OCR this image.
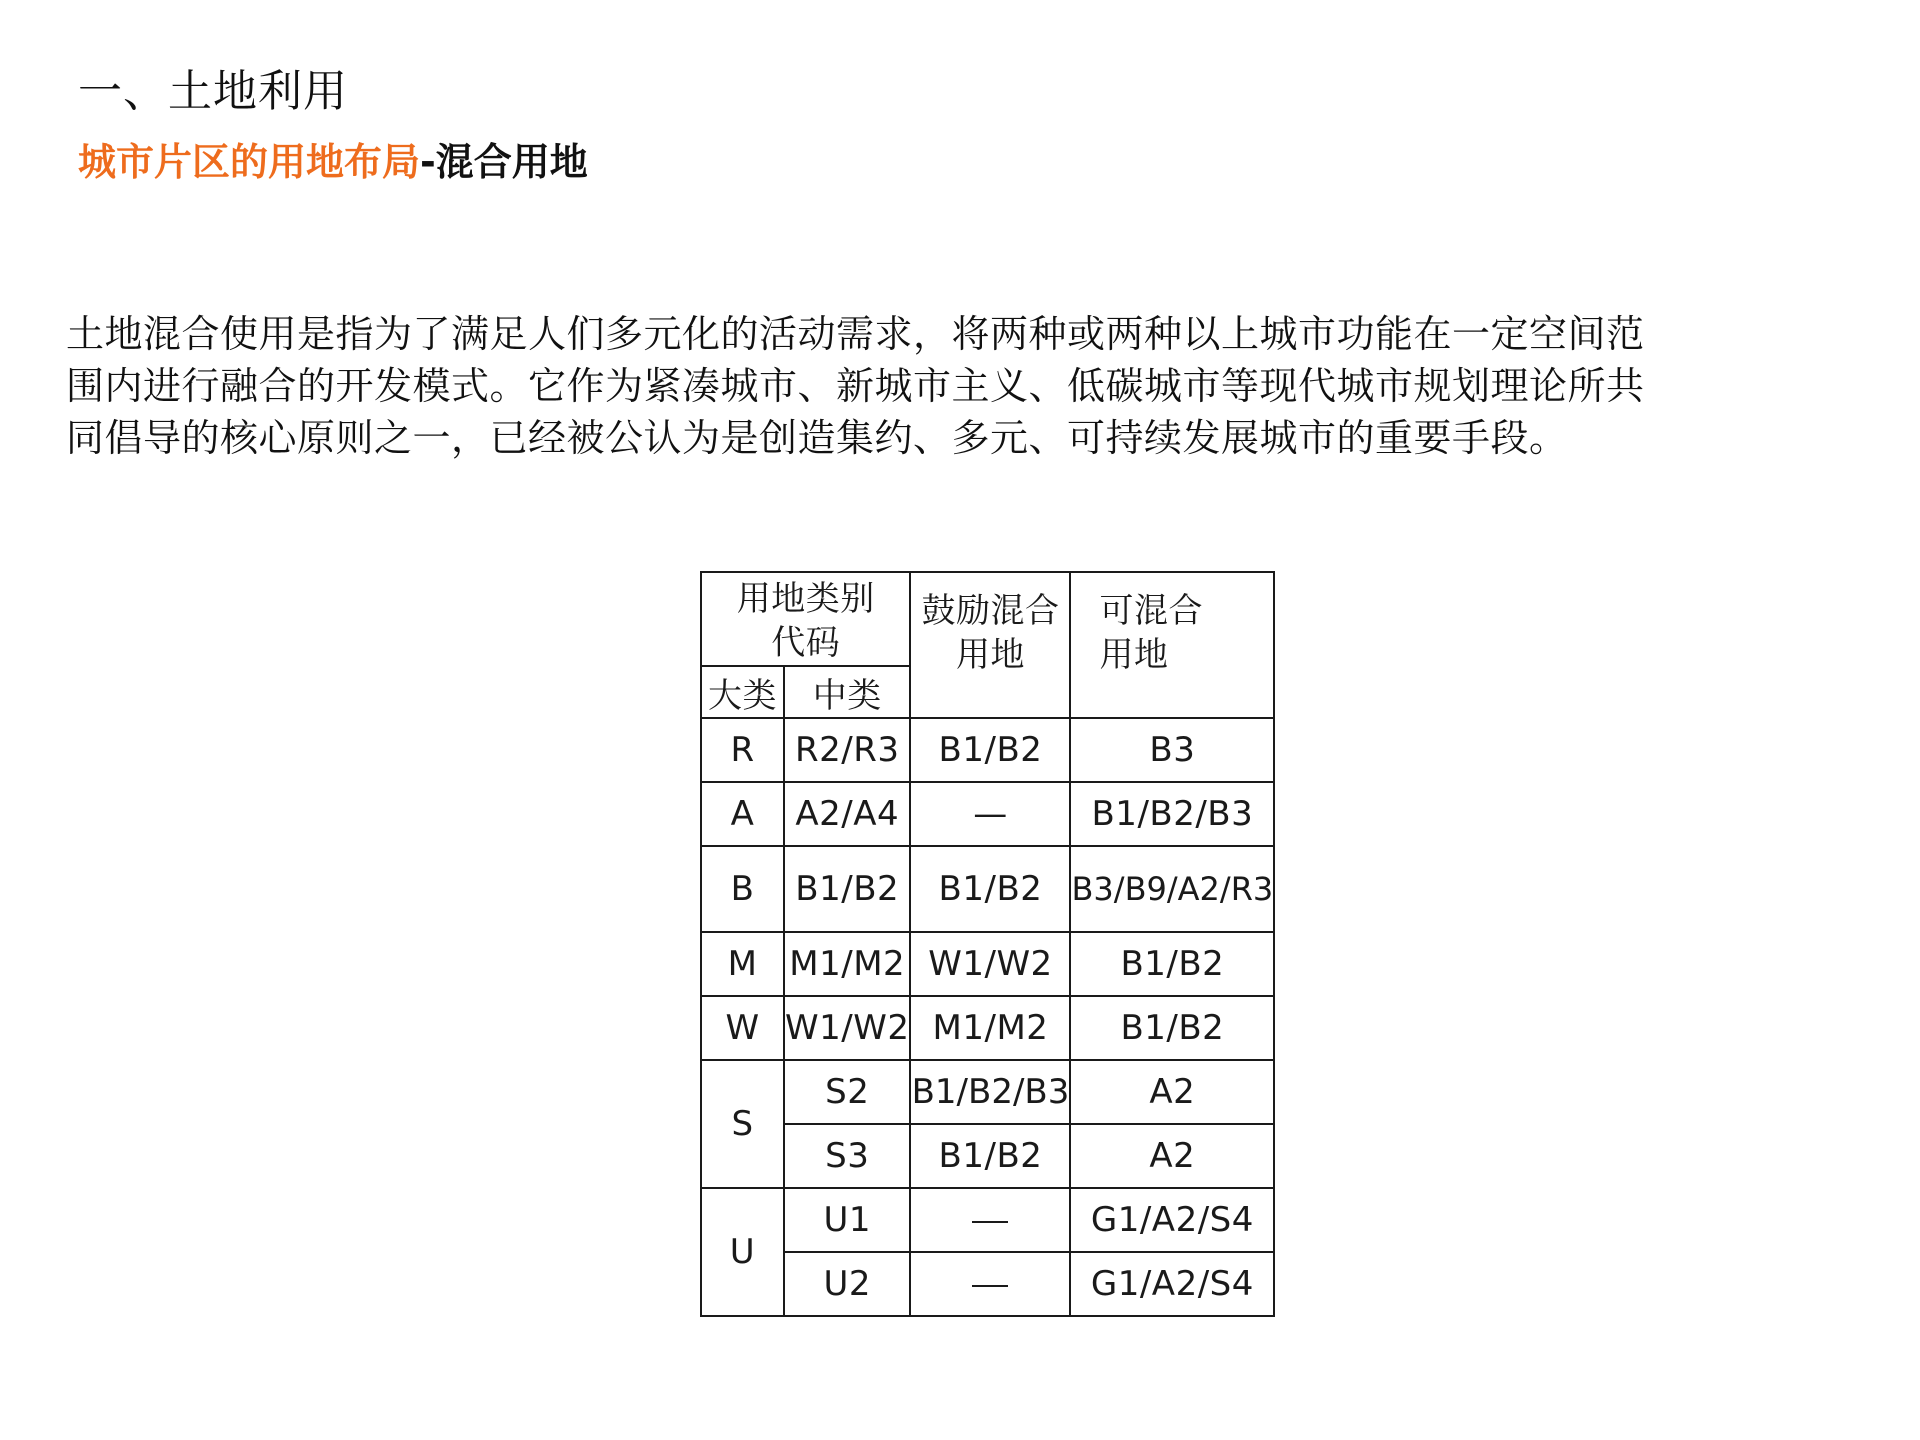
一、土地利用
城市片区的用地布局-混合用地

土地混合使用是指为了满足人们多元化的活动需求，将两种或两种以上城市功能在一定空间范
围内进行融合的开发模式。它作为紧凑城市、新城市主义、低碳城市等现代城市规划理论所共
同倡导的核心原则之一，已经被公认为是创造集约、多元、可持续发展城市的重要手段。

用地类别代码		鼓励混合用地	可混合用地

大类	中类		
R	R2/R3	B1/B2	B3
A	A2/A4	—	B1/B2/B3
B	B1/B2	B1/B2	B3/B9/A2/R3
M	M1/M2	W1/W2	B1/B2
W	W1/W2	M1/M2	B1/B2
S	S2	B1/B2/B3	A2
	S3	B1/B2	A2
U	U1		G1/A2/S4
	U2		G1/A2/S4
